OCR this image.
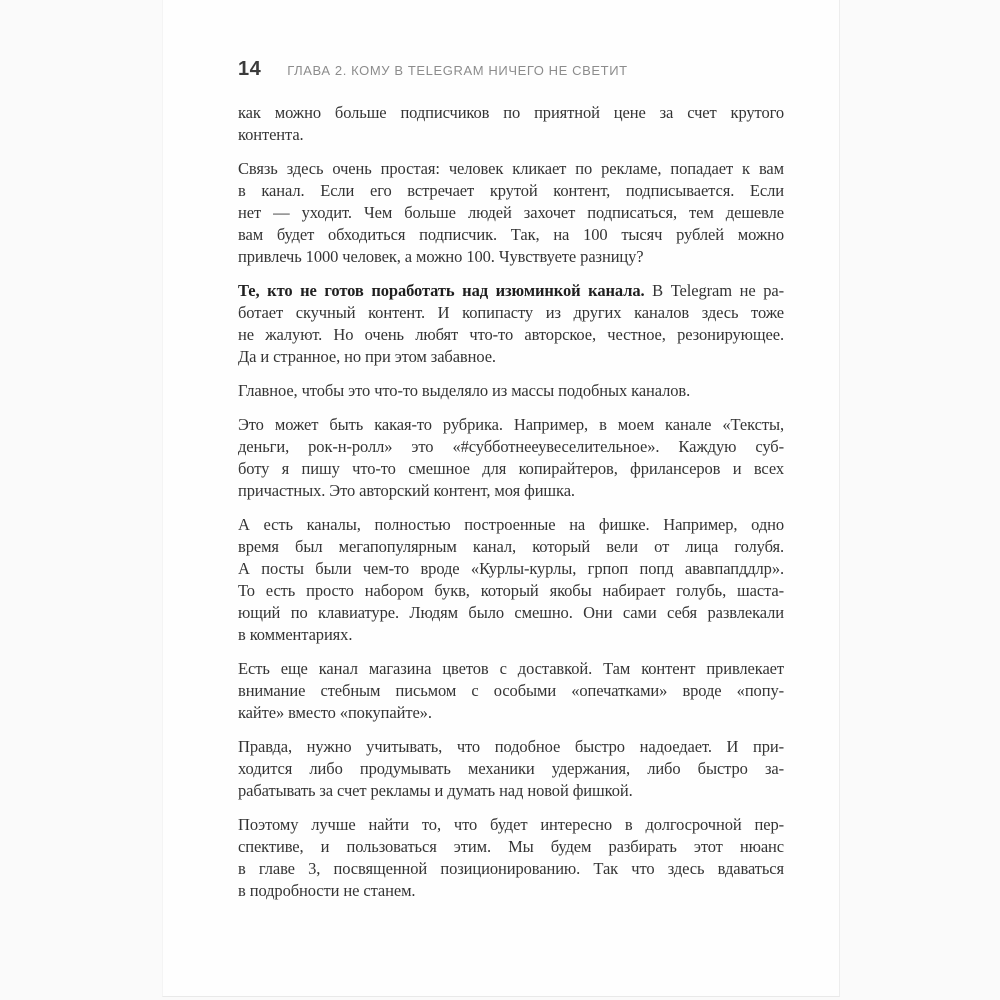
14 ГЛАВА 2. КОМУ В TELEGRAM НИЧЕГО НЕ СВЕТИТ
как можно больше подписчиков по приятной цене за счет крутого
контента.
Связь здесь очень простая: человек кликает по рекламе, попадает к вам
в канал. Если его встречает крутой контент, подписывается. Если
нет — уходит. Чем больше людей захочет подписаться, тем дешевле
вам будет обходиться подписчик. Так, на 100 тысяч рублей можно
привлечь 1000 человек, а можно 100. Чувствуете разницу?
Те, кто не готов поработать над изюминкой канала. В Telegram не ра-
ботает скучный контент. И копипасту из других каналов здесь тоже
не жалуют. Но очень любят что-то авторское, честное, резонирующее.
Да и странное, но при этом забавное.
Главное, чтобы это что-то выделяло из массы подобных каналов.
Это может быть какая-то рубрика. Например, в моем канале «Тексты,
деньги, рок-н-ролл» это «#субботнееувеселительное». Каждую суб-
боту я пишу что-то смешное для копирайтеров, фрилансеров и всех
причастных. Это авторский контент, моя фишка.
А есть каналы, полностью построенные на фишке. Например, одно
время был мегапопулярным канал, который вели от лица голубя.
А посты были чем-то вроде «Курлы-курлы, грпоп попд ававпапддлр».
То есть просто набором букв, который якобы набирает голубь, шаста-
ющий по клавиатуре. Людям было смешно. Они сами себя развлекали
в комментариях.
Есть еще канал магазина цветов с доставкой. Там контент привлекает
внимание стебным письмом с особыми «опечатками» вроде «попу-
кайте» вместо «покупайте».
Правда, нужно учитывать, что подобное быстро надоедает. И при-
ходится либо продумывать механики удержания, либо быстро за-
рабатывать за счет рекламы и думать над новой фишкой.
Поэтому лучше найти то, что будет интересно в долгосрочной пер-
спективе, и пользоваться этим. Мы будем разбирать этот нюанс
в главе 3, посвященной позиционированию. Так что здесь вдаваться
в подробности не станем.
